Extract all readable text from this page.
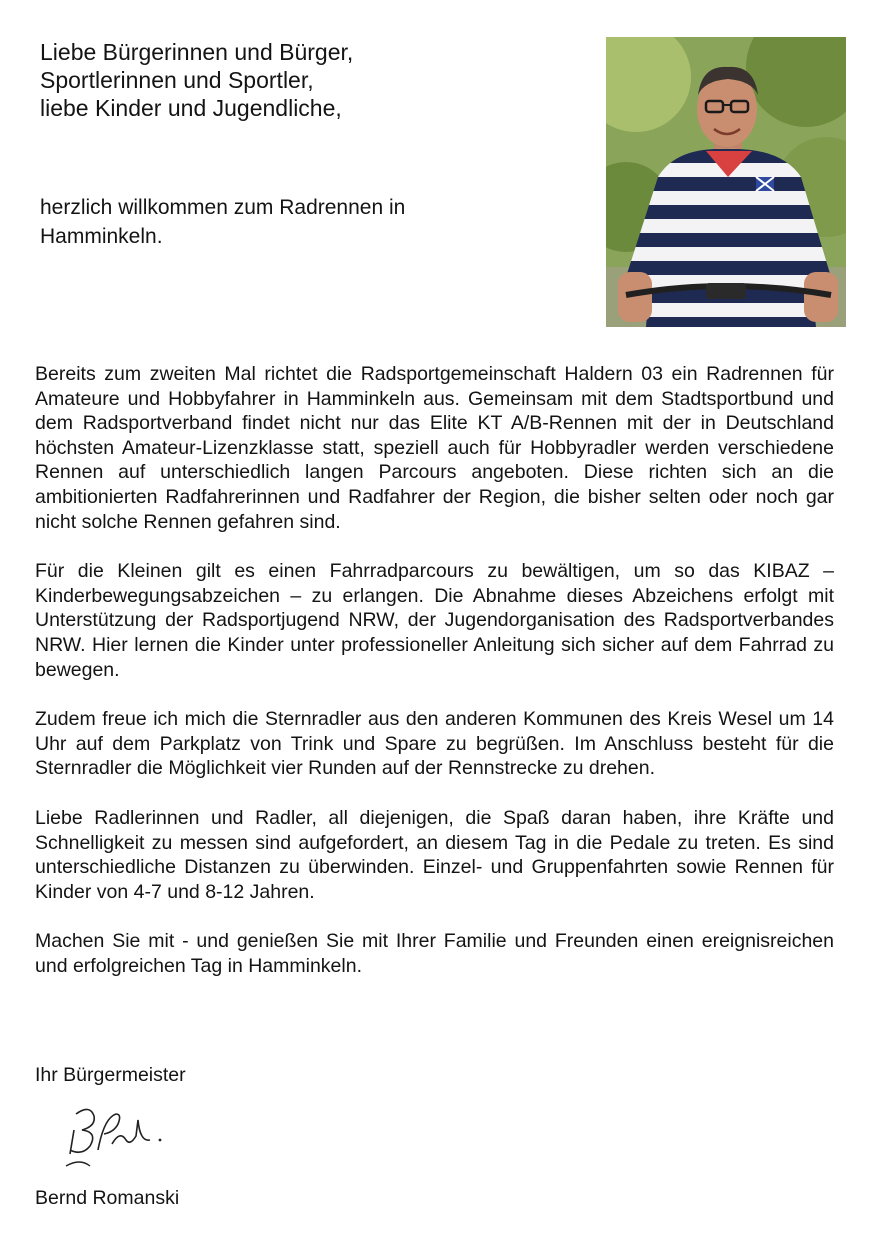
Liebe Bürgerinnen und Bürger,
Sportlerinnen und Sportler,
liebe Kinder und Jugendliche,

herzlich willkommen zum Radrennen in Hamminkeln.

Bereits zum zweiten Mal richtet die Radsportgemeinschaft Haldern 03 ein Radrennen für Amateure und Hobbyfahrer in Hamminkeln aus. Gemeinsam mit dem Stadtsportbund und dem Radsportverband findet nicht nur das Elite KT A/B-Rennen mit der in Deutschland höchsten Amateur-Lizenzklasse statt, speziell auch für Hobbyradler werden verschiedene Rennen auf unterschiedlich langen Parcours angeboten. Diese richten sich an die ambitionierten Radfahrerinnen und Radfahrer der Region, die bisher selten oder noch gar nicht solche Rennen gefahren sind.

Für die Kleinen gilt es einen Fahrradparcours zu bewältigen, um so das KIBAZ – Kinderbewegungsabzeichen – zu erlangen. Die Abnahme dieses Abzeichens erfolgt mit Unterstützung der Radsportjugend NRW, der Jugendorganisation des Radsportverbandes NRW. Hier lernen die Kinder unter professioneller Anleitung sich sicher auf dem Fahrrad zu bewegen.

Zudem freue ich mich die Sternradler aus den anderen Kommunen des Kreis Wesel um 14 Uhr auf dem Parkplatz von Trink und Spare zu begrüßen. Im Anschluss besteht für die Sternradler die Möglichkeit vier Runden auf der Rennstrecke zu drehen.

Liebe Radlerinnen und Radler, all diejenigen, die Spaß daran haben, ihre Kräfte und Schnelligkeit zu messen sind aufgefordert, an diesem Tag in die Pedale zu treten. Es sind unterschiedliche Distanzen zu überwinden. Einzel- und Gruppenfahrten sowie Rennen für Kinder von 4-7 und 8-12 Jahren.

Machen Sie mit - und genießen Sie mit Ihrer Familie und Freunden einen ereignisreichen und erfolgreichen Tag in Hamminkeln.

Ihr Bürgermeister

Bernd Romanski
